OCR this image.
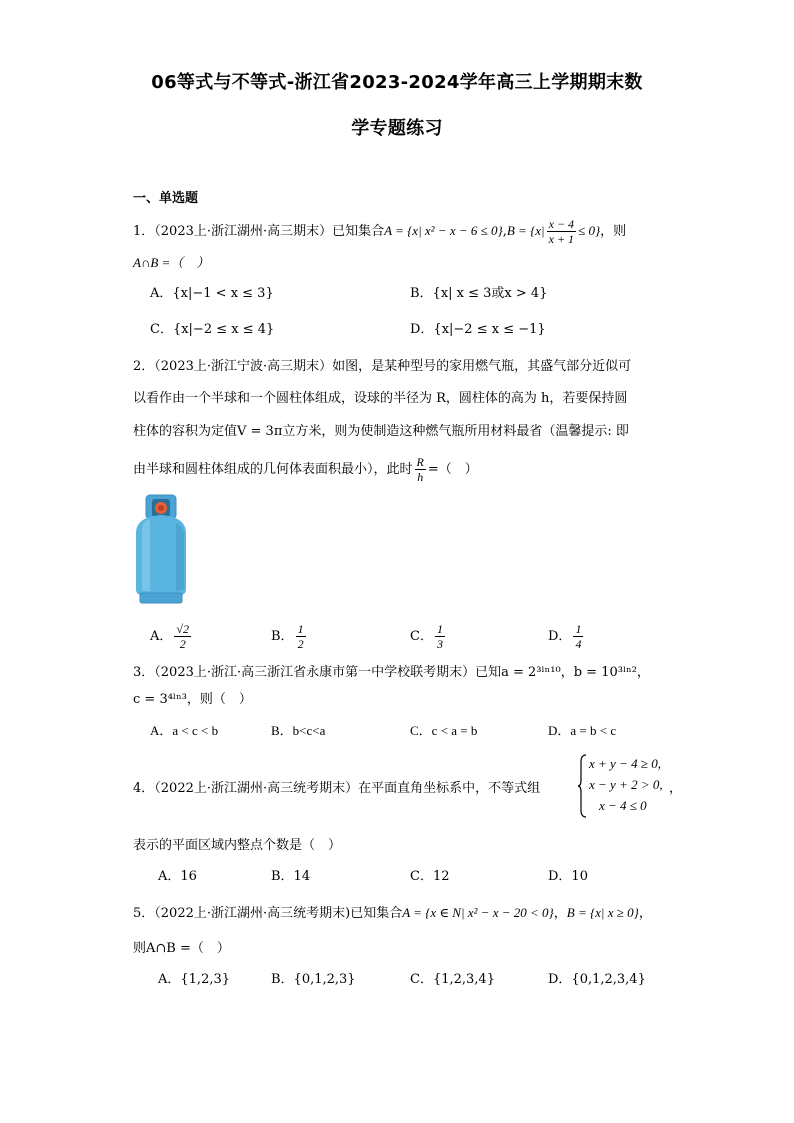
06等式与不等式-浙江省2023-2024学年高三上学期期末数
学专题练习
一、单选题
1．（2023上·浙江湖州·高三期末）已知集合A = {x| $x^2 - x - 6 \le 0\},B = \{x| \frac{x - 4}{x + 1} \le 0\}$，则
A∩B =（　）
A．{x|−1 < x ≤ 3}	B．{x| x ≤ 3或x > 4}
C．{x|−2 ≤ x ≤ 4}	D．{x|−2 ≤ x ≤ −1}
2．（2023上·浙江宁波·高三期末）如图，是某种型号的家用燃气瓶，其盛气部分近似可
以看作由一个半球和一个圆柱体组成，设球的半径为 R，圆柱体的高为 h，若要保持圆
柱体的容积为定值V = 3π立方米，则为使制造这种燃气瓶所用材料最省（温馨提示: 即
由半球和圆柱体组成的几何体表面积最小），此时 $\frac{R}{h}$ =（　）
A． $\frac{√2}{2}$	B． $\frac{1}{2}$	C． $\frac{1}{3}$	D． $\frac{1}{4}$
3．（2023上·浙江·高三浙江省永康市第一中学校联考期末）已知a = 2³ˡⁿ¹⁰，b = 10³ˡⁿ²，
c = 3⁴ˡⁿ³，则（　）
A．a < c < b	B．b<c<a	C．c < a = b	D．a = b < c
4．（2022上·浙江湖州·高三统考期末）在平面直角坐标系中，不等式组
x + y − 4 ≥ 0,
x − y + 2 > 0,
x − 4 ≤ 0
，
表示的平面区域内整点个数是（　）
A．16	B．14	C．12	D．10
5．（2022上·浙江湖州·高三统考期末)已知集合A = {x ∈ N| x² − x − 20 < 0}，B = {x| x ≥ 0}，
则A∩B =（　）
A．{1,2,3}	B．{0,1,2,3}	C．{1,2,3,4}	D．{0,1,2,3,4}
